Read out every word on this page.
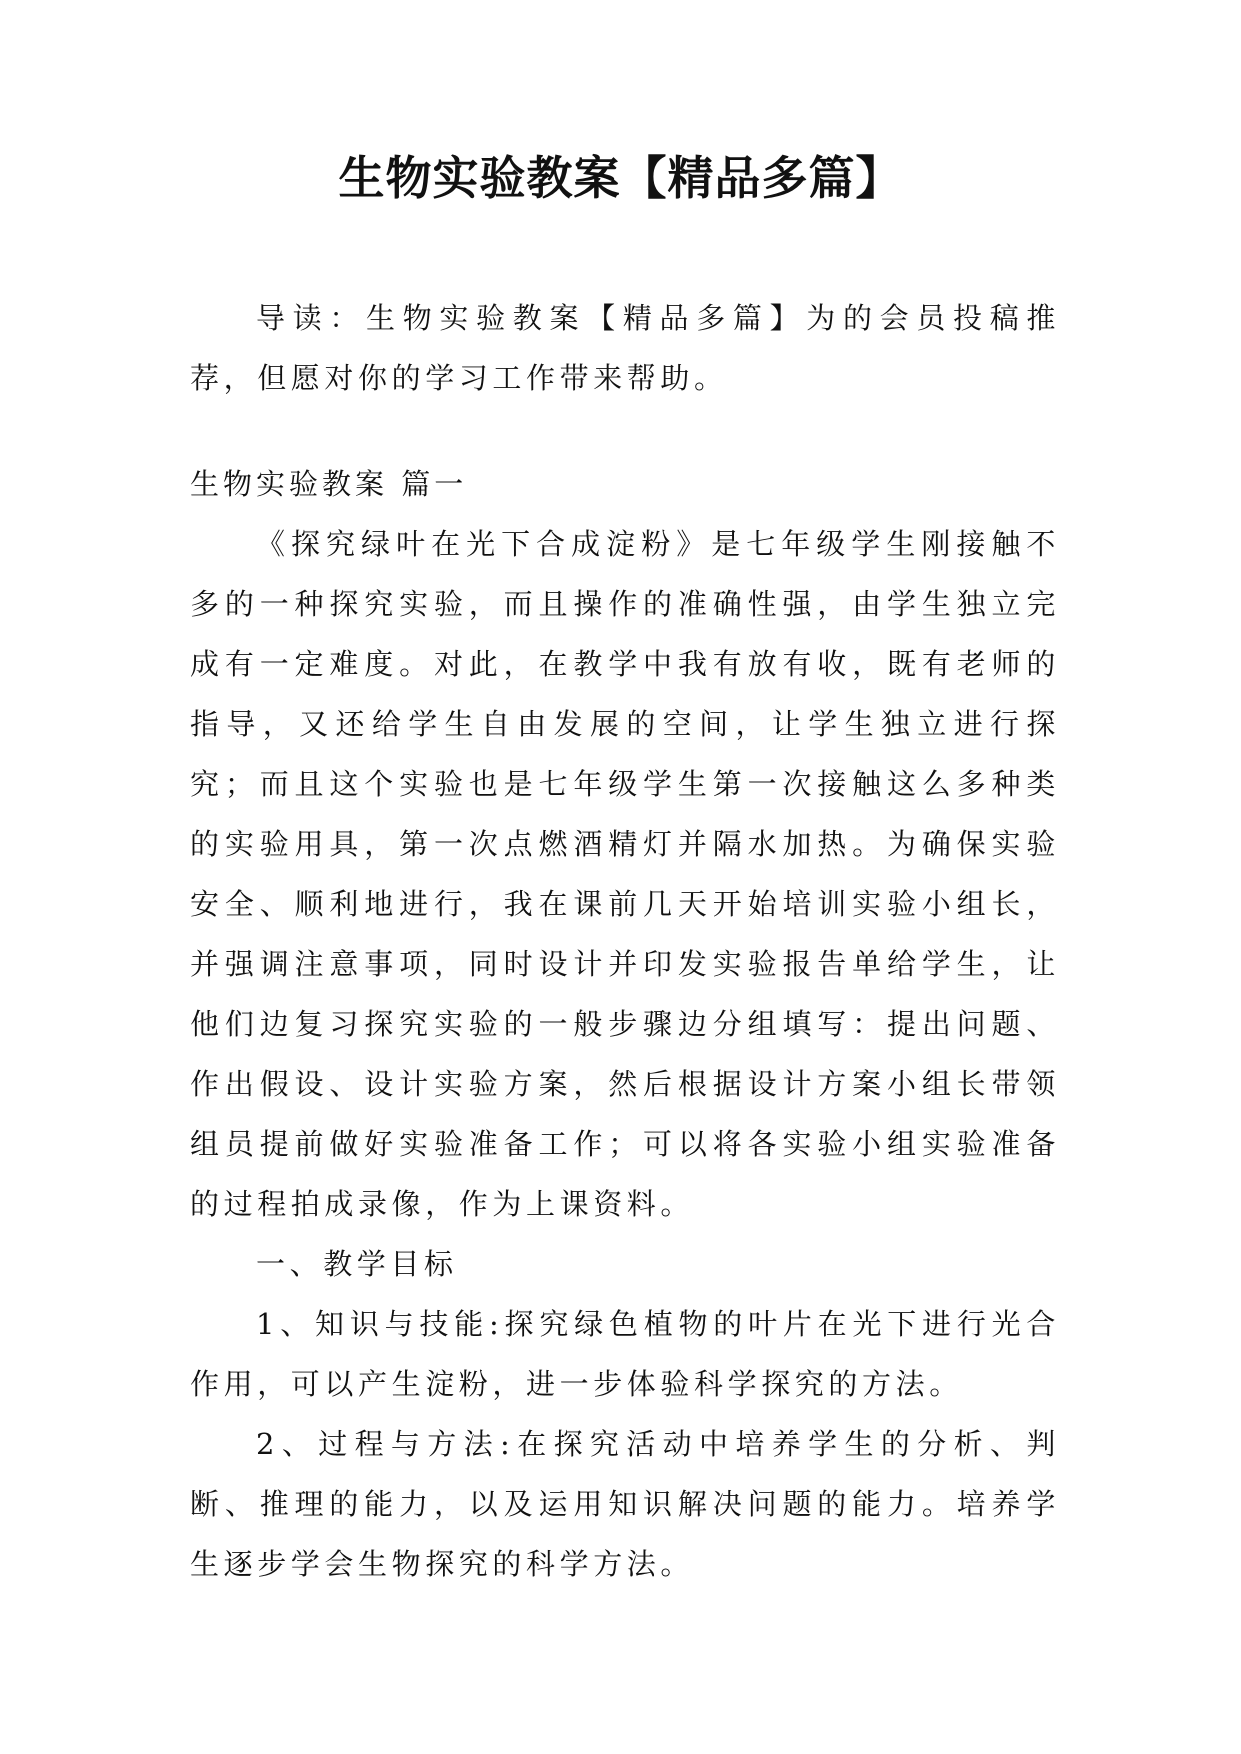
生物实验教案【精品多篇】

导读：生物实验教案【精品多篇】为的会员投稿推荐，但愿对你的学习工作带来帮助。

生物实验教案 篇一

《探究绿叶在光下合成淀粉》是七年级学生刚接触不多的一种探究实验，而且操作的准确性强，由学生独立完成有一定难度。对此，在教学中我有放有收，既有老师的指导，又还给学生自由发展的空间，让学生独立进行探究；而且这个实验也是七年级学生第一次接触这么多种类的实验用具，第一次点燃酒精灯并隔水加热。为确保实验安全、顺利地进行，我在课前几天开始培训实验小组长，并强调注意事项，同时设计并印发实验报告单给学生，让他们边复习探究实验的一般步骤边分组填写：提出问题、作出假设、设计实验方案，然后根据设计方案小组长带领组员提前做好实验准备工作；可以将各实验小组实验准备的过程拍成录像，作为上课资料。

一、教学目标

1、知识与技能:探究绿色植物的叶片在光下进行光合作用，可以产生淀粉，进一步体验科学探究的方法。

2、过程与方法:在探究活动中培养学生的分析、判断、推理的能力，以及运用知识解决问题的能力。培养学生逐步学会生物探究的科学方法。
